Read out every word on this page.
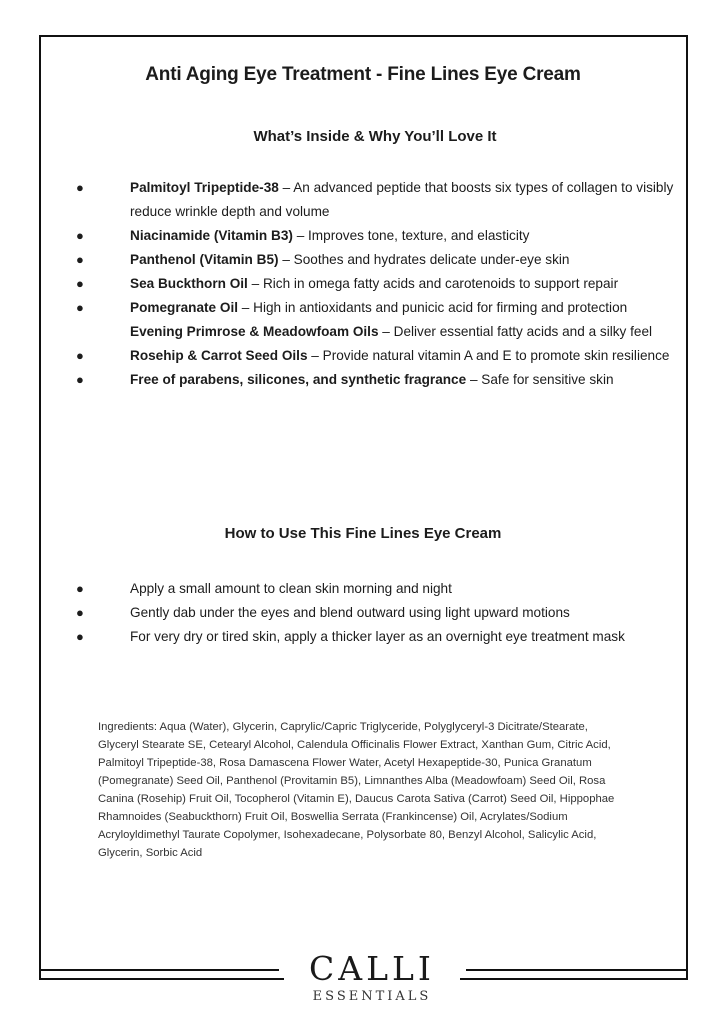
Anti Aging Eye Treatment - Fine Lines Eye Cream
What’s Inside & Why You’ll Love It
●	Palmitoyl Tripeptide-38 – An advanced peptide that boosts six types of collagen to visibly reduce wrinkle depth and volume
●	Niacinamide (Vitamin B3) – Improves tone, texture, and elasticity
●	Panthenol (Vitamin B5) – Soothes and hydrates delicate under-eye skin
●	Sea Buckthorn Oil – Rich in omega fatty acids and carotenoids to support repair
●	Pomegranate Oil – High in antioxidants and punicic acid for firming and protection
Evening Primrose & Meadowfoam Oils – Deliver essential fatty acids and a silky feel
●	Rosehip & Carrot Seed Oils – Provide natural vitamin A and E to promote skin resilience
●	Free of parabens, silicones, and synthetic fragrance – Safe for sensitive skin
How to Use This Fine Lines Eye Cream
●	Apply a small amount to clean skin morning and night
●	Gently dab under the eyes and blend outward using light upward motions
●	For very dry or tired skin, apply a thicker layer as an overnight eye treatment mask

Ingredients: Aqua (Water), Glycerin, Caprylic/Capric Triglyceride, Polyglyceryl-3 Dicitrate/Stearate, Glyceryl Stearate SE, Cetearyl Alcohol, Calendula Officinalis Flower Extract, Xanthan Gum, Citric Acid, Palmitoyl Tripeptide-38, Rosa Damascena Flower Water, Acetyl Hexapeptide-30, Punica Granatum (Pomegranate) Seed Oil, Panthenol (Provitamin B5), Limnanthes Alba (Meadowfoam) Seed Oil, Rosa Canina (Rosehip) Fruit Oil, Tocopherol (Vitamin E), Daucus Carota Sativa (Carrot) Seed Oil, Hippophae Rhamnoides (Seabuckthorn) Fruit Oil, Boswellia Serrata (Frankincense) Oil, Acrylates/Sodium Acryloyldimethyl Taurate Copolymer, Isohexadecane, Polysorbate 80, Benzyl Alcohol, Salicylic Acid, Glycerin, Sorbic Acid

CALLI
ESSENTIALS
